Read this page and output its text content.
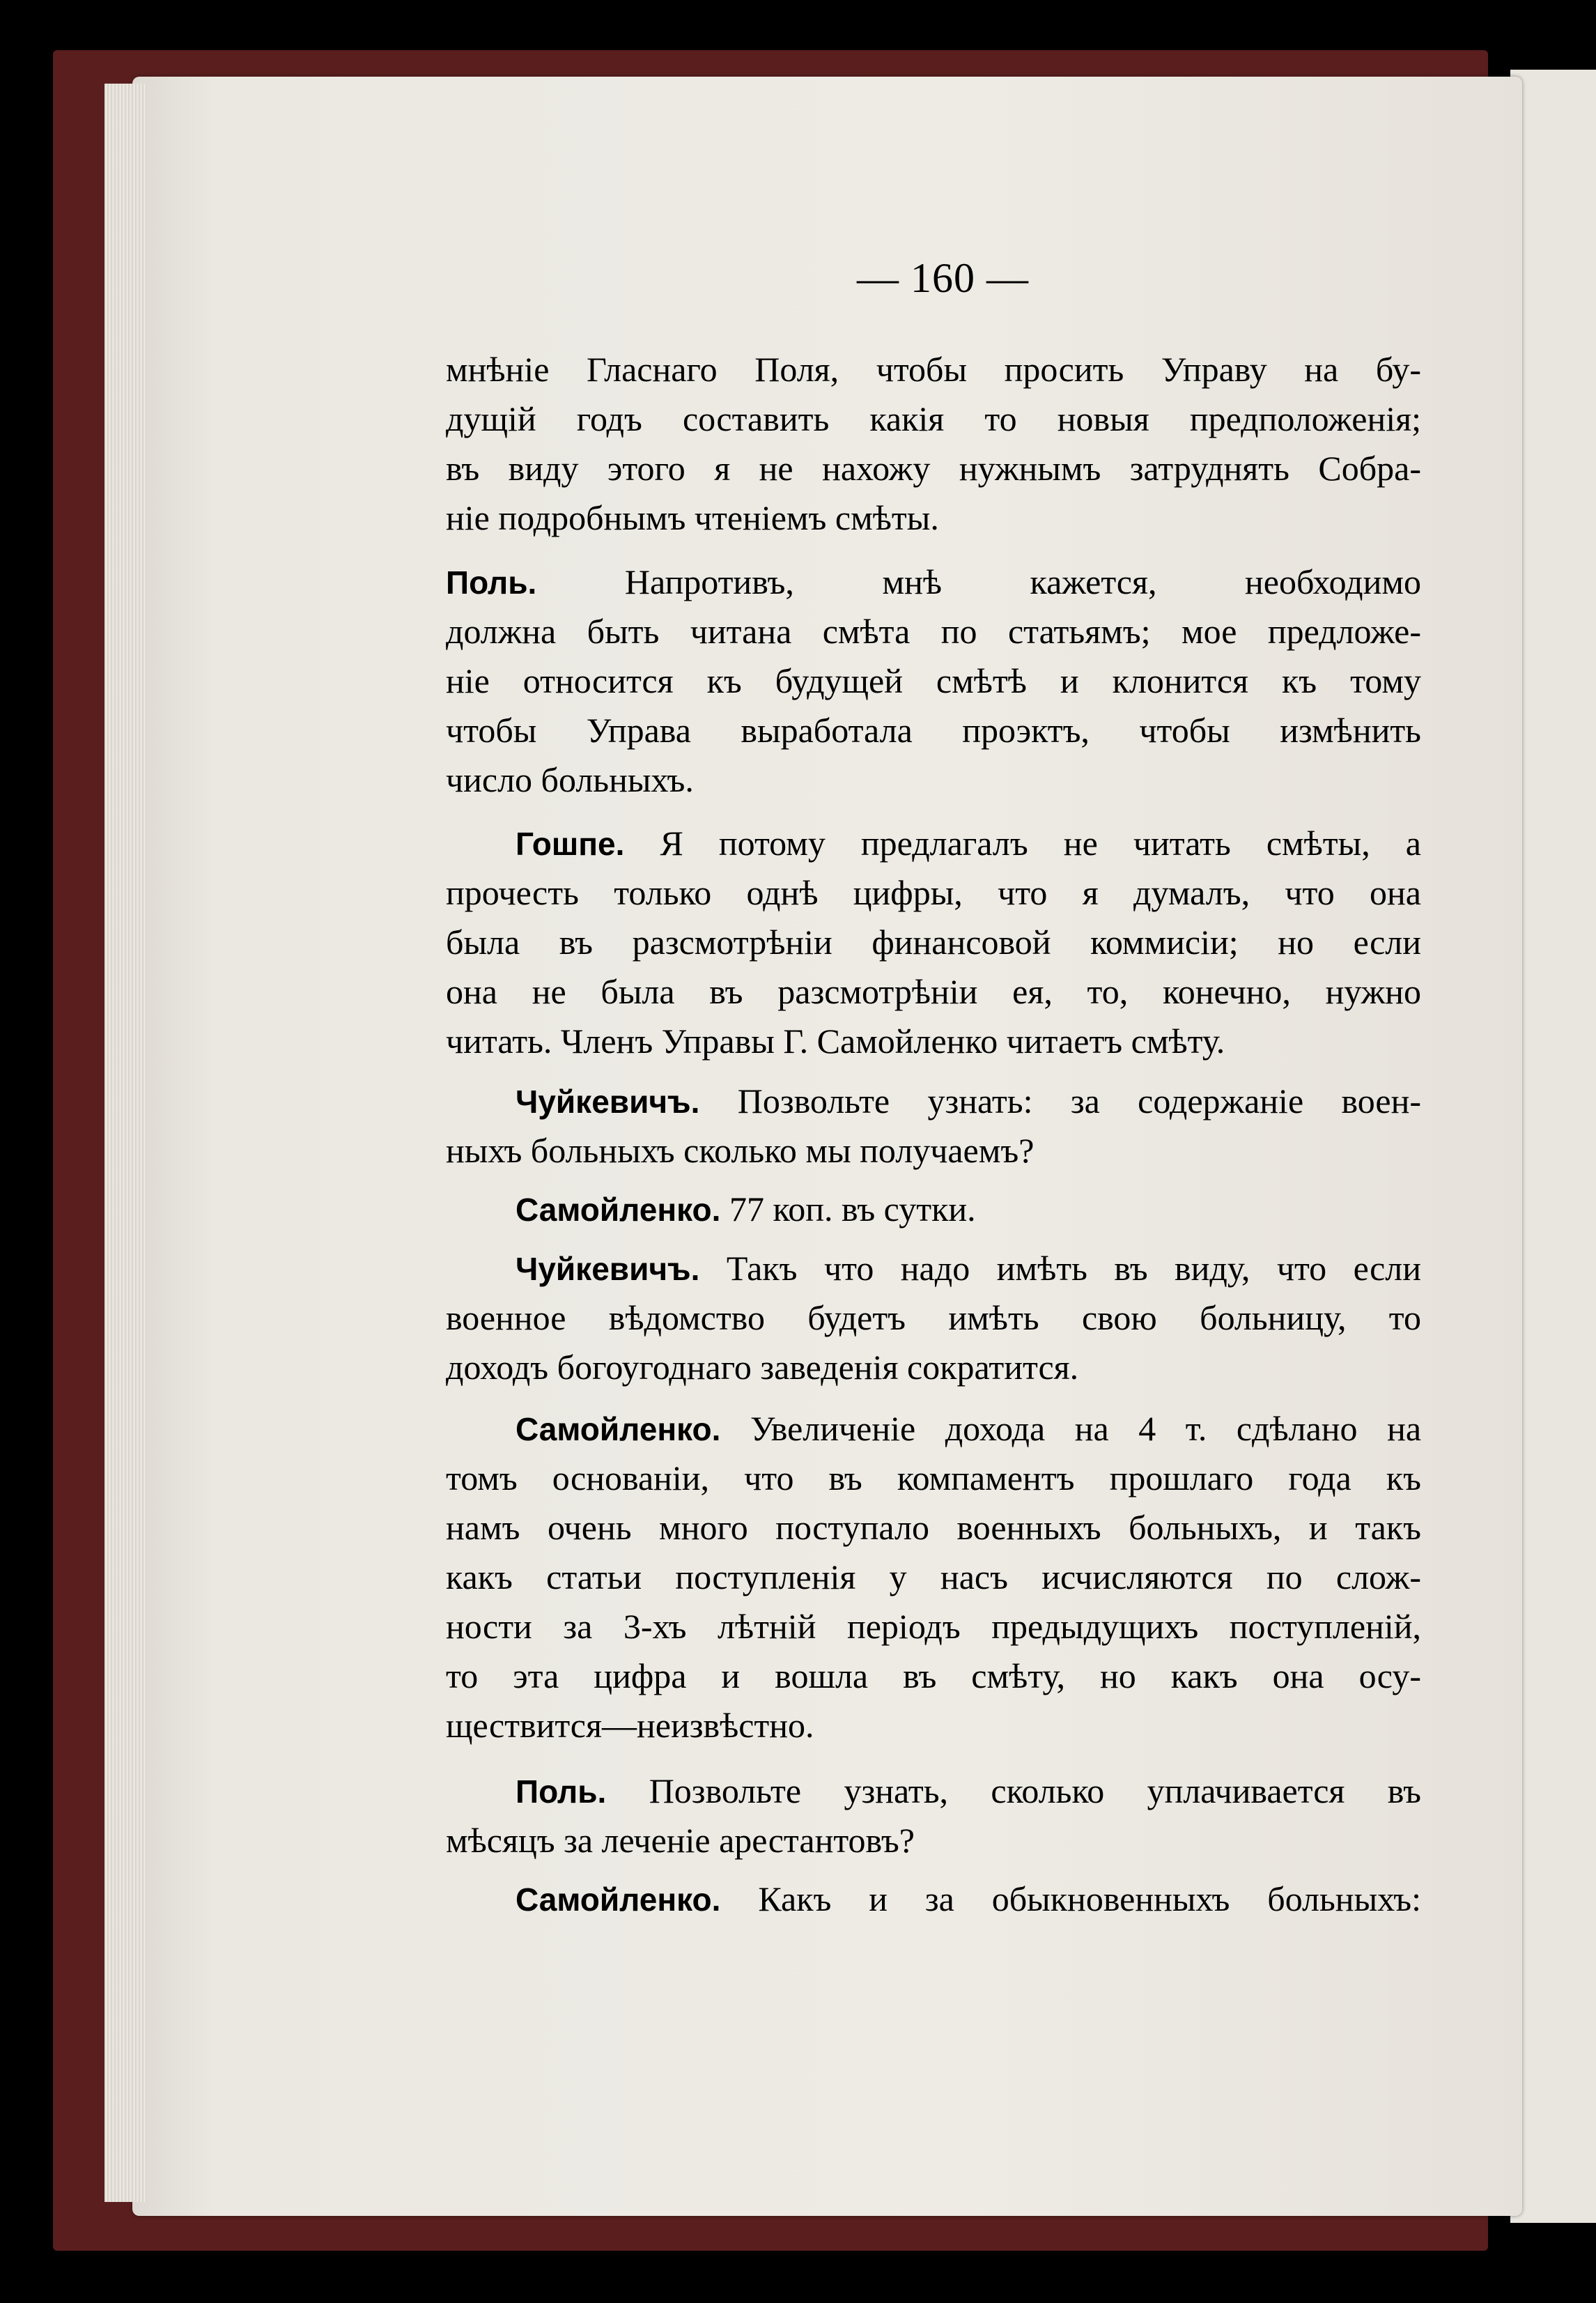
— 160 —
мнѣніе Гласнаго Поля, чтобы просить Управу на бу-
дущій годъ составить какія то новыя предположенія;
въ виду этого я не нахожу нужнымъ затруднять Собра-
ніе подробнымъ чтеніемъ смѣты.
Поль.	Напротивъ, мнѣ кажется, необходимо
должна быть читана смѣта по статьямъ; мое предложе-
ніе относится къ будущей смѣтѣ и клонится къ тому
чтобы Управа выработала проэктъ, чтобы измѣнить
число больныхъ.
Гошпе. Я потому предлагалъ не читать смѣты, а
прочесть только однѣ цифры, что я думалъ, что она
была въ разсмотрѣніи финансовой коммисіи; но если
она не была въ разсмотрѣніи ея, то, конечно, нужно
читать. Членъ Управы Г. Самойленко читаетъ смѣту.
Чуйкевичъ. Позвольте узнать: за содержаніе воен-
ныхъ больныхъ сколько мы получаемъ?
Самойленко. 77 коп. въ сутки.
Чуйкевичъ. Такъ что надо имѣть въ виду, что если
военное вѣдомство будетъ имѣть свою больницу, то
доходъ богоугоднаго заведенія сократится.
Самойленко. Увеличеніе дохода на 4 т. сдѣлано на
томъ основаніи, что въ компаментъ прошлаго года къ
намъ очень много поступало военныхъ больныхъ, и такъ
какъ статьи поступленія у насъ исчисляются по слож-
ности за 3-хъ лѣтній періодъ предыдущихъ поступленій,
то эта цифра и вошла въ смѣту, но какъ она осу-
ществится—неизвѣстно.
Поль. Позвольте узнать, сколько уплачивается въ
мѣсяцъ за леченіе арестантовъ?
Самойленко. Какъ и за обыкновенныхъ больныхъ:
